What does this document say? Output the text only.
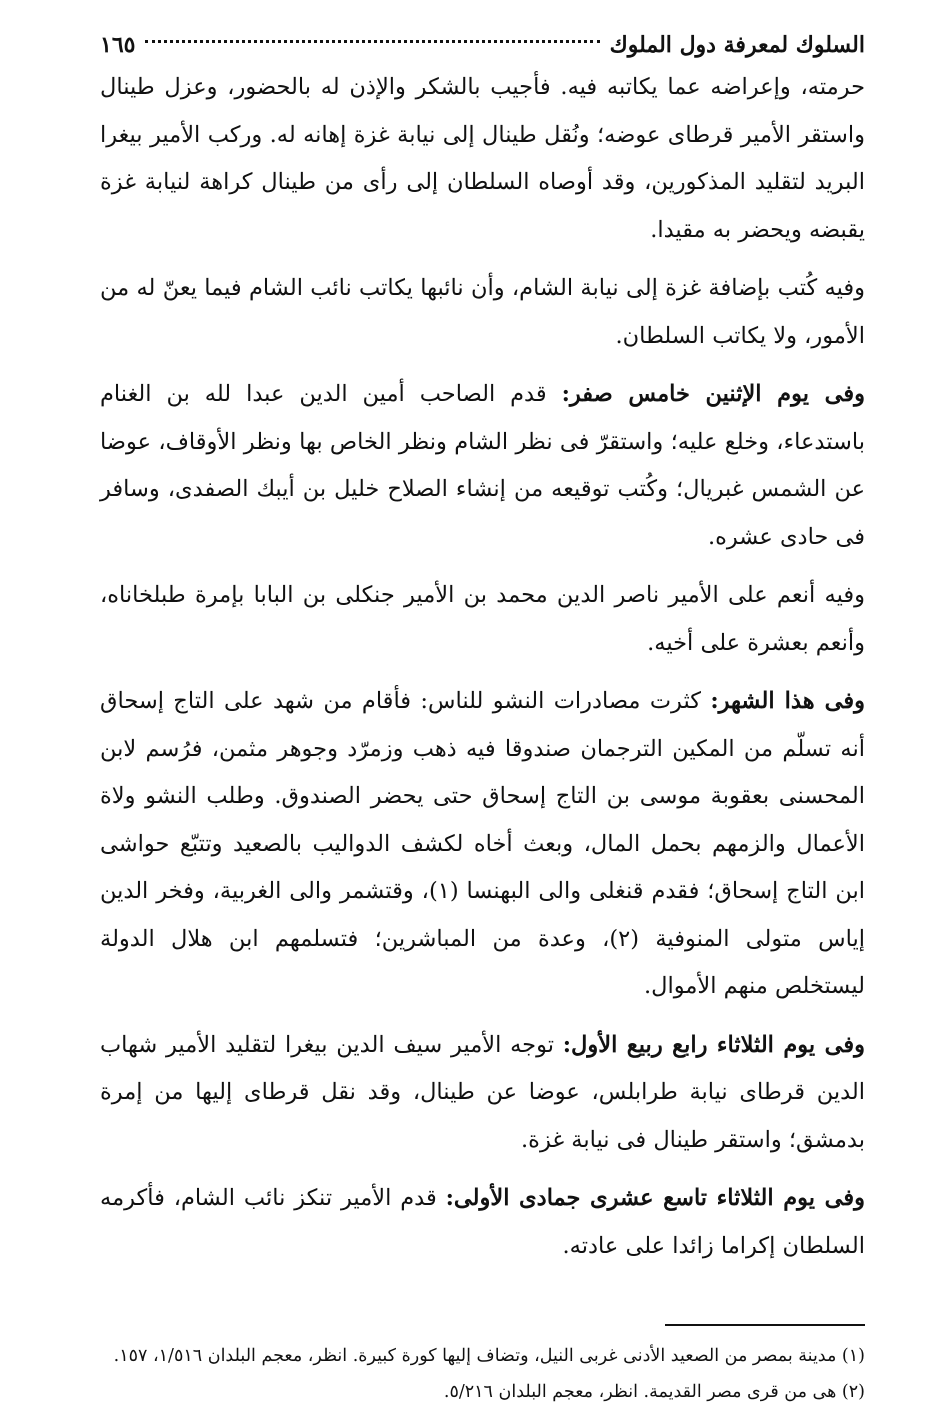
السلوك لمعرفة دول الملوك
١٦٥

حرمته، وإعراضه عما يكاتبه فيه. فأجيب بالشكر والإذن له بالحضور، وعزل طينال واستقر الأمير قرطاى عوضه؛ ونُقل طينال إلى نيابة غزة إهانه له. وركب الأمير بيغرا البريد لتقليد المذكورين، وقد أوصاه السلطان إلى رأى من طينال كراهة لنيابة غزة يقبضه ويحضر به مقيدا.

وفيه كُتب بإضافة غزة إلى نيابة الشام، وأن نائبها يكاتب نائب الشام فيما يعنّ له من الأمور، ولا يكاتب السلطان.

وفى يوم الإثنين خامس صفر: قدم الصاحب أمين الدين عبدا لله بن الغنام باستدعاء، وخلع عليه؛ واستقرّ فى نظر الشام ونظر الخاص بها ونظر الأوقاف، عوضا عن الشمس غبريال؛ وكُتب توقيعه من إنشاء الصلاح خليل بن أيبك الصفدى، وسافر فى حادى عشره.

وفيه أنعم على الأمير ناصر الدين محمد بن الأمير جنكلى بن البابا بإمرة طبلخاناه، وأنعم بعشرة على أخيه.

وفى هذا الشهر: كثرت مصادرات النشو للناس: فأقام من شهد على التاج إسحاق أنه تسلّم من المكين الترجمان صندوقا فيه ذهب وزمرّد وجوهر مثمن، فرُسم لابن المحسنى بعقوبة موسى بن التاج إسحاق حتى يحضر الصندوق. وطلب النشو ولاة الأعمال والزمهم بحمل المال، وبعث أخاه لكشف الدواليب بالصعيد وتتبّع حواشى ابن التاج إسحاق؛ فقدم قنغلى والى البهنسا (١)، وقتشمر والى الغربية، وفخر الدين إياس متولى المنوفية (٢)، وعدة من المباشرين؛ فتسلمهم ابن هلال الدولة ليستخلص منهم الأموال.

وفى يوم الثلاثاء رابع ربيع الأول: توجه الأمير سيف الدين بيغرا لتقليد الأمير شهاب الدين قرطاى نيابة طرابلس، عوضا عن طينال، وقد نقل قرطاى إليها من إمرة بدمشق؛ واستقر طينال فى نيابة غزة.

وفى يوم الثلاثاء تاسع عشرى جمادى الأولى: قدم الأمير تنكز نائب الشام، فأكرمه السلطان إكراما زائدا على عادته.

(١) مدينة بمصر من الصعيد الأدنى غربى النيل، وتضاف إليها كورة كبيرة. انظر، معجم البلدان ١/٥١٦، ١٥٧.

(٢) هى من قرى مصر القديمة. انظر، معجم البلدان ٥/٢١٦.
